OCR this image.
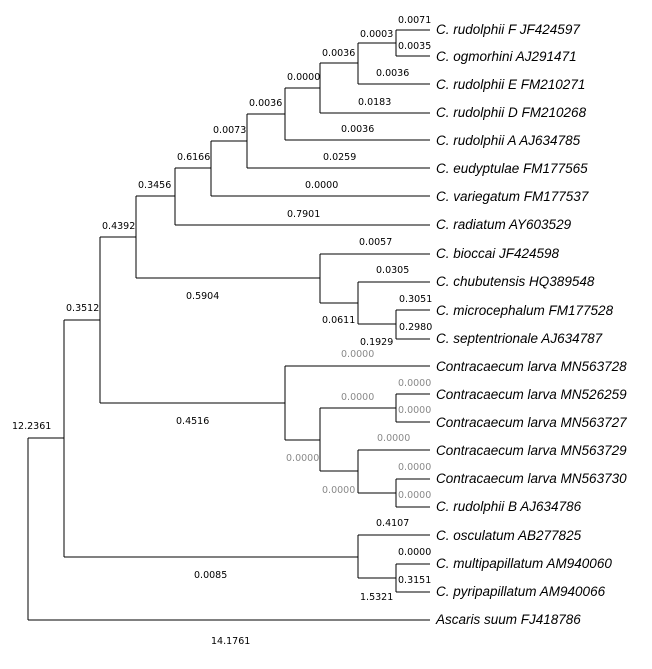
C. rudolphii F JF424597
C. ogmorhini AJ291471
C. rudolphii E FM210271
C. rudolphii D FM210268
C. rudolphii A AJ634785
C. eudyptulae FM177565
C. variegatum FM177537
C. radiatum AY603529
C. bioccai JF424598
C. chubutensis HQ389548
C. microcephalum FM177528
C. septentrionale AJ634787
Contracaecum larva MN563728
Contracaecum larva MN526259
Contracaecum larva MN563727
Contracaecum larva MN563729
Contracaecum larva MN563730
C. rudolphii B AJ634786
C. osculatum AB277825
C. multipapillatum AM940060
C. pyripapillatum AM940066
Ascaris suum FJ418786
0.0071
0.0035
0.0003
0.0036
0.0036
0.0000
0.0183
0.0036
0.0036
0.0073
0.0259
0.6166
0.0000
0.3456
0.7901
0.4392
0.0057
0.0305
0.3051
0.2980
0.0611
0.1929
0.5904
0.3512
0.0000
0.0000
0.0000
0.0000
0.0000
0.0000
0.0000
0.0000
0.0000
0.4516
12.2361
0.4107
0.0000
0.3151
1.5321
0.0085
14.1761
